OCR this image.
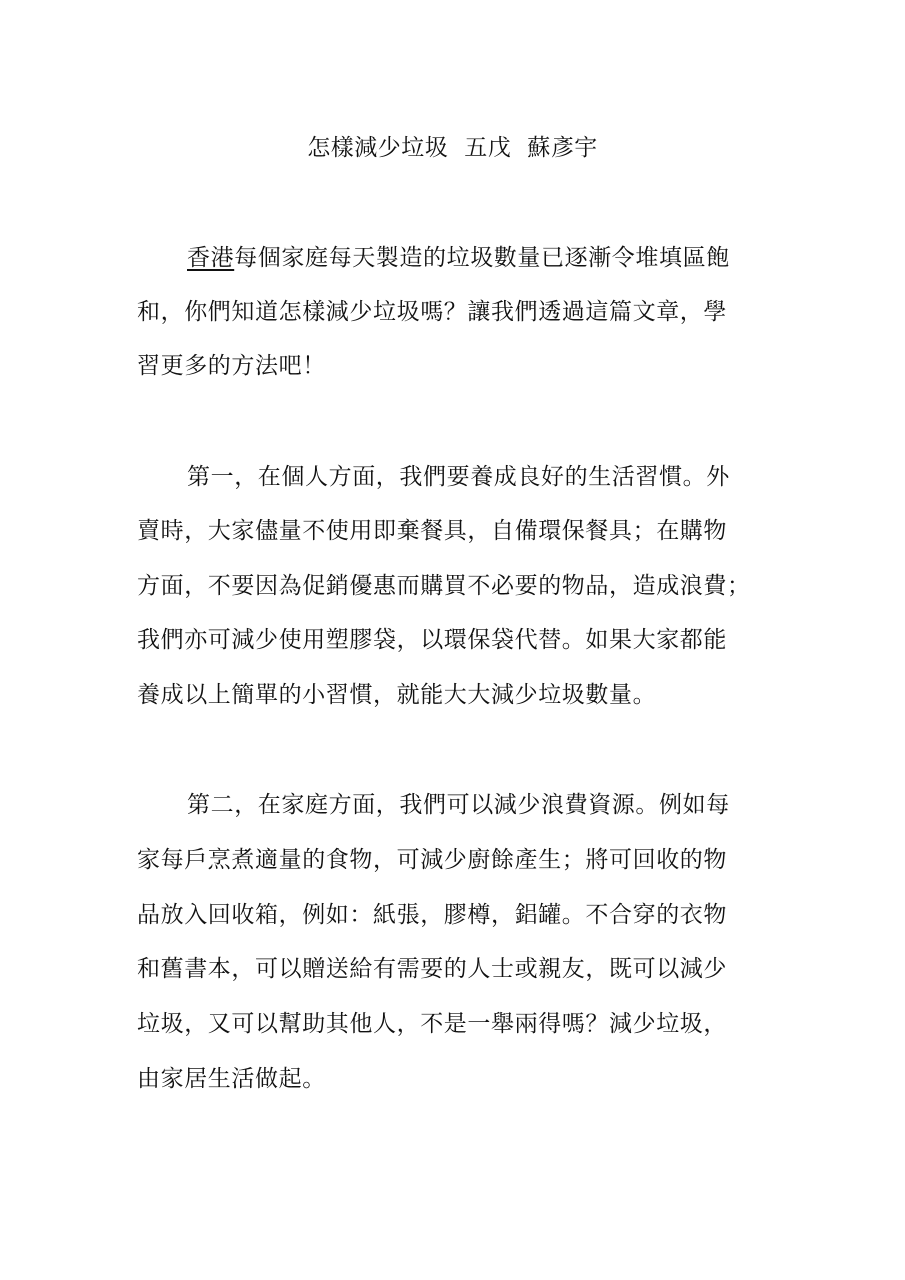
怎樣減少垃圾 五戊 蘇彥宇
香港每個家庭每天製造的垃圾數量已逐漸令堆填區飽
和，你們知道怎樣減少垃圾嗎？讓我們透過這篇文章，學
習更多的方法吧！
第一，在個人方面，我們要養成良好的生活習慣。外
賣時，大家儘量不使用即棄餐具，自備環保餐具；在購物
方面，不要因為促銷優惠而購買不必要的物品，造成浪費；
我們亦可減少使用塑膠袋，以環保袋代替。如果大家都能
養成以上簡單的小習慣，就能大大減少垃圾數量。
第二，在家庭方面，我們可以減少浪費資源。例如每
家每戶烹煮適量的食物，可減少廚餘產生；將可回收的物
品放入回收箱，例如：紙張，膠樽，鋁罐。不合穿的衣物
和舊書本，可以贈送給有需要的人士或親友，既可以減少
垃圾，又可以幫助其他人，不是一舉兩得嗎？減少垃圾，
由家居生活做起。
